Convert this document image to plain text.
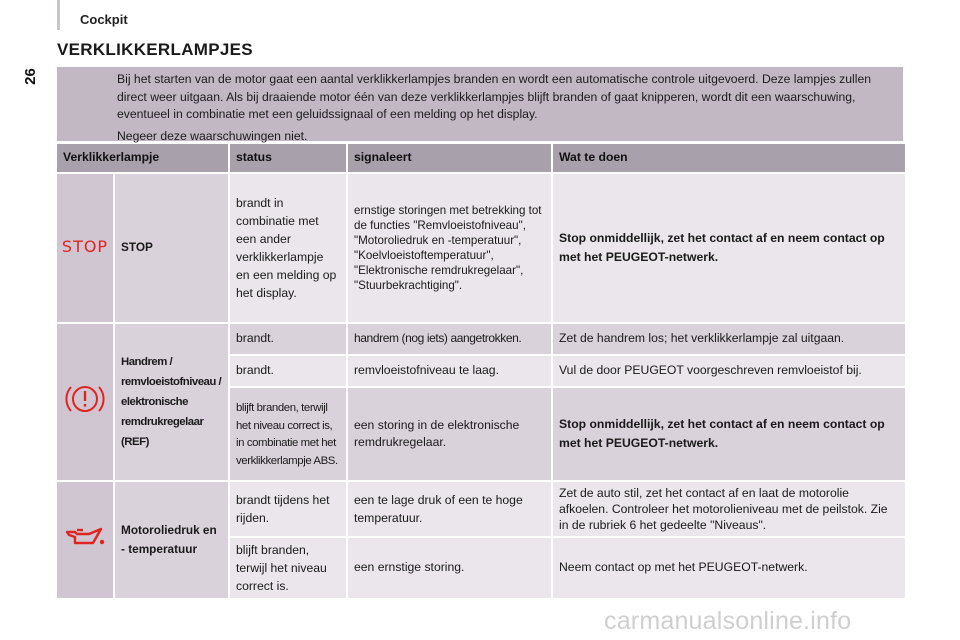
Cockpit
26
VERKLIKKERLAMPJES

Bij het starten van de motor gaat een aantal verklikkerlampjes branden en wordt een automatische controle uitgevoerd. Deze lampjes zullen direct weer uitgaan. Als bij draaiende motor één van deze verklikkerlampjes blijft branden of gaat knipperen, wordt dit een waarschuwing, eventueel in combinatie met een geluidssignaal of een melding op het display.

Negeer deze waarschuwingen niet.

Verklikkerlampje		status	signaleert	Wat te doen
STOP	STOP	brandt in combinatie met een ander verklikkerlampje en een melding op het display.	ernstige storingen met betrekking tot de functies "Remvloeistofniveau", "Motoroliedruk en -temperatuur", "Koelvloeistoftemperatuur", "Elektronische remdrukregelaar", "Stuurbekrachtiging".	Stop onmiddellijk, zet het contact af en neem contact op met het PEUGEOT-netwerk.
	Handrem / remvloeistofniveau / elektronische remdrukregelaar (REF)	brandt.	handrem (nog iets) aangetrokken.	Zet de handrem los; het verklikkerlampje zal uitgaan.
		brandt.	remvloeistofniveau te laag.	Vul de door PEUGEOT voorgeschreven remvloeistof bij.
		blijft branden, terwijl het niveau correct is, in combinatie met het verklikkerlampje ABS.	een storing in de elektronische remdrukregelaar.	Stop onmiddellijk, zet het contact af en neem contact op met het PEUGEOT-netwerk.
	Motoroliedruk en - temperatuur	brandt tijdens het rijden.	een te lage druk of een te hoge temperatuur.	Zet de auto stil, zet het contact af en laat de motorolie afkoelen. Controleer het motorolieniveau met de peilstok. Zie in de rubriek 6 het gedeelte "Niveaus".
		blijft branden, terwijl het niveau correct is.	een ernstige storing.	Neem contact op met het PEUGEOT-netwerk.
carmanualsonline.info
